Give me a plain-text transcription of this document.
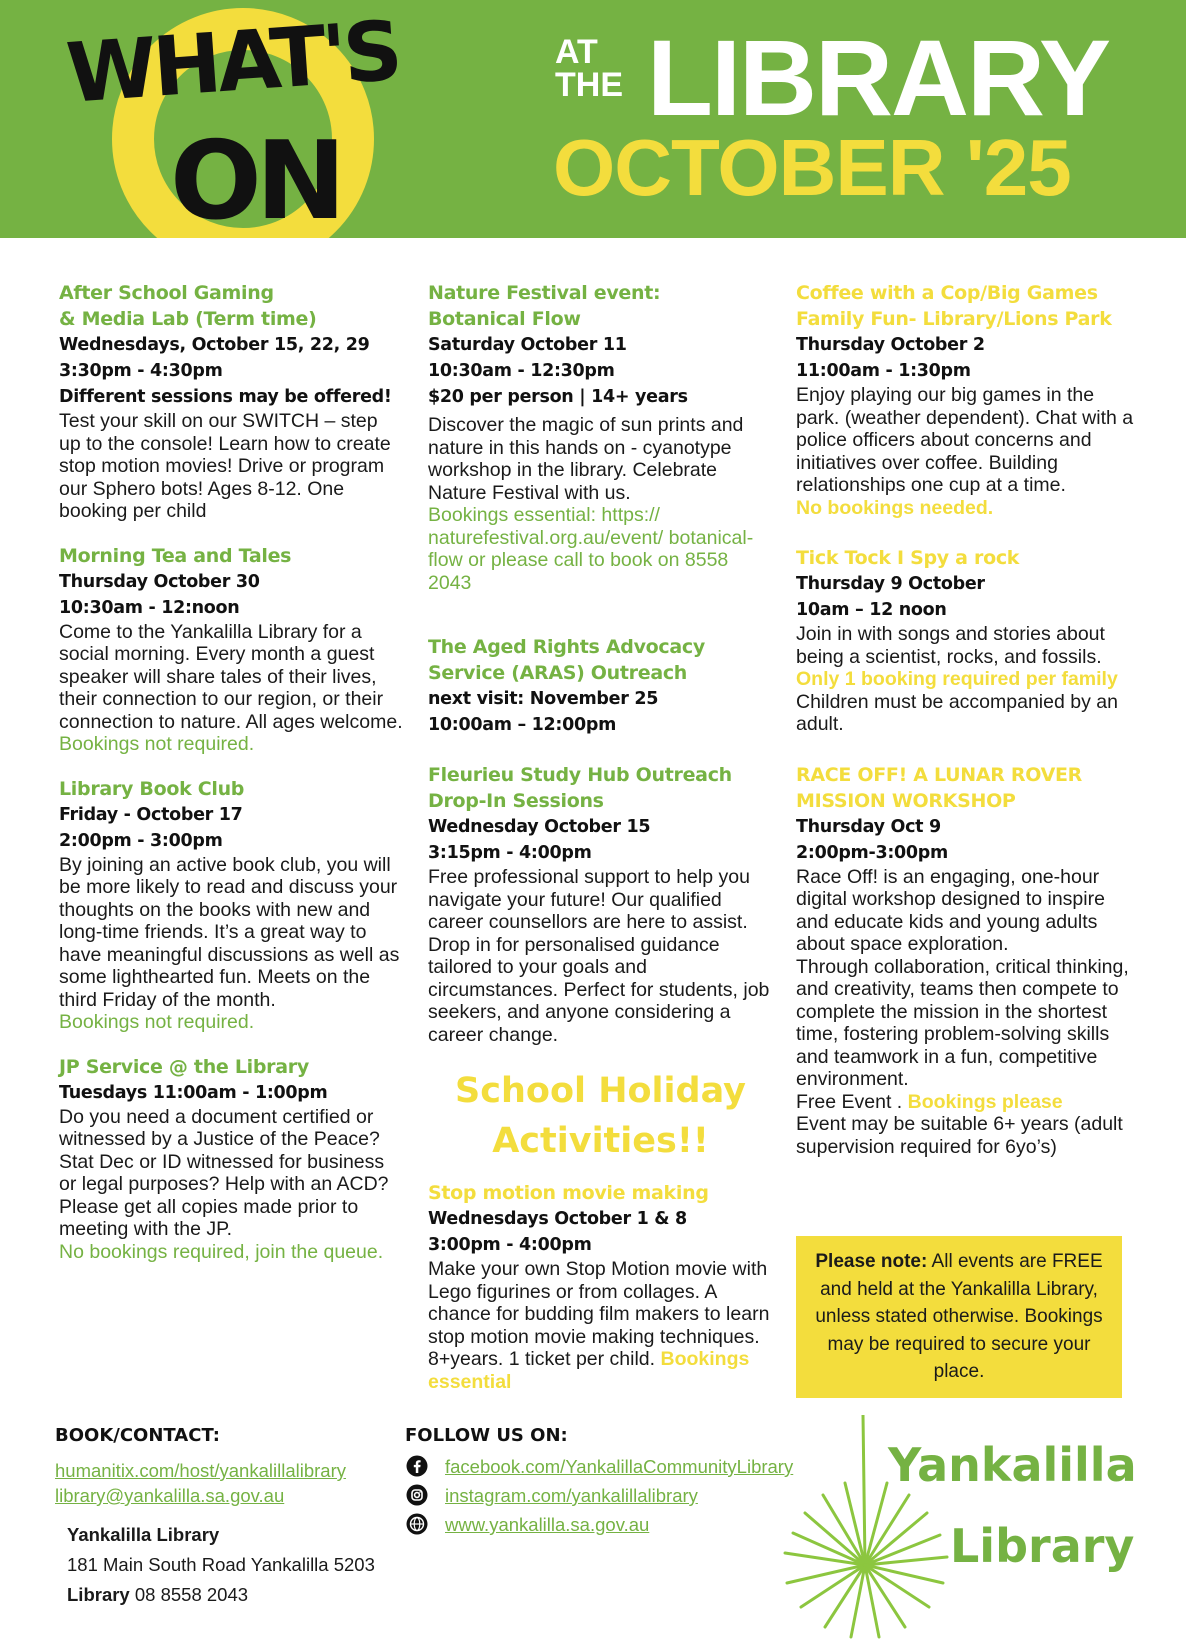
WHAT'S
ON
AT
THE LIBRARY
OCTOBER '25
After School Gaming
& Media Lab (Term time)
Wednesdays, October 15, 22, 29
3:30pm - 4:30pm
Different sessions may be offered!
Test your skill on our SWITCH – step up to the console! Learn how to create stop motion movies! Drive or program our Sphero bots! Ages 8-12. One booking per child
Morning Tea and Tales
Thursday October 30
10:30am - 12:noon
Come to the Yankalilla Library for a social morning. Every month a guest speaker will share tales of their lives, their connection to our region, or their connection to nature. All ages welcome.
Bookings not required.
Library Book Club
Friday - October 17
2:00pm - 3:00pm
By joining an active book club, you will be more likely to read and discuss your thoughts on the books with new and long-time friends. It’s a great way to have meaningful discussions as well as some lighthearted fun. Meets on the third Friday of the month.
Bookings not required.
JP Service @ the Library
Tuesdays 11:00am - 1:00pm
Do you need a document certified or witnessed by a Justice of the Peace? Stat Dec or ID witnessed for business or legal purposes? Help with an ACD? Please get all copies made prior to meeting with the JP.
No bookings required, join the queue.
Nature Festival event:
Botanical Flow
Saturday October 11
10:30am - 12:30pm
$20 per person | 14+ years
Discover the magic of sun prints and nature in this hands on - cyanotype workshop in the library. Celebrate Nature Festival with us.
Bookings essential: https:// naturefestival.org.au/event/ botanical-flow or please call to book on 8558 2043
The Aged Rights Advocacy
Service (ARAS) Outreach
next visit: November 25
10:00am – 12:00pm
Fleurieu Study Hub Outreach
Drop-In Sessions
Wednesday October 15
3:15pm - 4:00pm
Free professional support to help you navigate your future! Our qualified career counsellors are here to assist. Drop in for personalised guidance tailored to your goals and circumstances. Perfect for students, job seekers, and anyone considering a career change.
School Holiday
Activities!!
Stop motion movie making
Wednesdays October 1 & 8
3:00pm - 4:00pm
Make your own Stop Motion movie with Lego figurines or from collages. A chance for budding film makers to learn stop motion movie making techniques. 8+years. 1 ticket per child. Bookings essential
Coffee with a Cop/Big Games
Family Fun- Library/Lions Park
Thursday October 2
11:00am - 1:30pm
Enjoy playing our big games in the park. (weather dependent). Chat with a police officers about concerns and initiatives over coffee. Building relationships one cup at a time.
No bookings needed.
Tick Tock I Spy a rock
Thursday 9 October
10am – 12 noon
Join in with songs and stories about being a scientist, rocks, and fossils.
Only 1 booking required per family
Children must be accompanied by an adult.
RACE OFF! A LUNAR ROVER
MISSION WORKSHOP
Thursday Oct 9
2:00pm-3:00pm
Race Off! is an engaging, one-hour digital workshop designed to inspire and educate kids and young adults about space exploration.
Through collaboration, critical thinking, and creativity, teams then compete to complete the mission in the shortest time, fostering problem-solving skills and teamwork in a fun, competitive environment.
Free Event . Bookings please
Event may be suitable 6+ years (adult supervision required for 6yo’s)
Please note: All events are FREE and held at the Yankalilla Library, unless stated otherwise. Bookings may be required to secure your place.
BOOK/CONTACT:
humanitix.com/host/yankalillalibrary
library@yankalilla.sa.gov.au
Yankalilla Library
181 Main South Road Yankalilla 5203
Library 08 8558 2043
FOLLOW US ON:
facebook.com/YankalillaCommunityLibrary
instagram.com/yankalillalibrary
www.yankalilla.sa.gov.au
Yankalilla
Library
